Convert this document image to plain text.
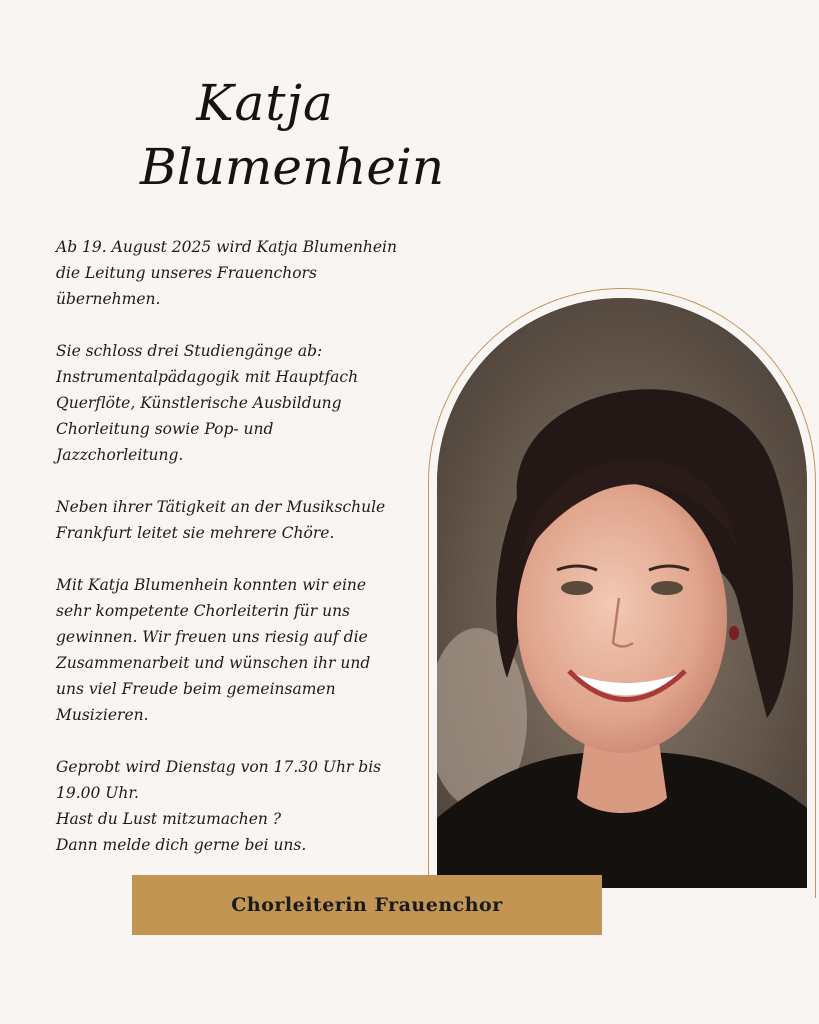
Katja
Blumenhein

Ab 19. August 2025 wird Katja Blumenhein
die Leitung unseres Frauenchors
übernehmen.

Sie schloss drei Studiengänge ab:
Instrumentalpädagogik mit Hauptfach
Querflöte, Künstlerische Ausbildung
Chorleitung sowie Pop- und
Jazzchorleitung.

Neben ihrer Tätigkeit an der Musikschule
Frankfurt leitet sie mehrere Chöre.

Mit Katja Blumenhein konnten wir eine
sehr kompetente Chorleiterin für uns
gewinnen. Wir freuen uns riesig auf die
Zusammenarbeit und wünschen ihr und
uns viel Freude beim gemeinsamen
Musizieren.

Geprobt wird Dienstag von 17.30 Uhr bis
19.00 Uhr.
Hast du Lust mitzumachen ?
Dann melde dich gerne bei uns.

Chorleiterin Frauenchor
